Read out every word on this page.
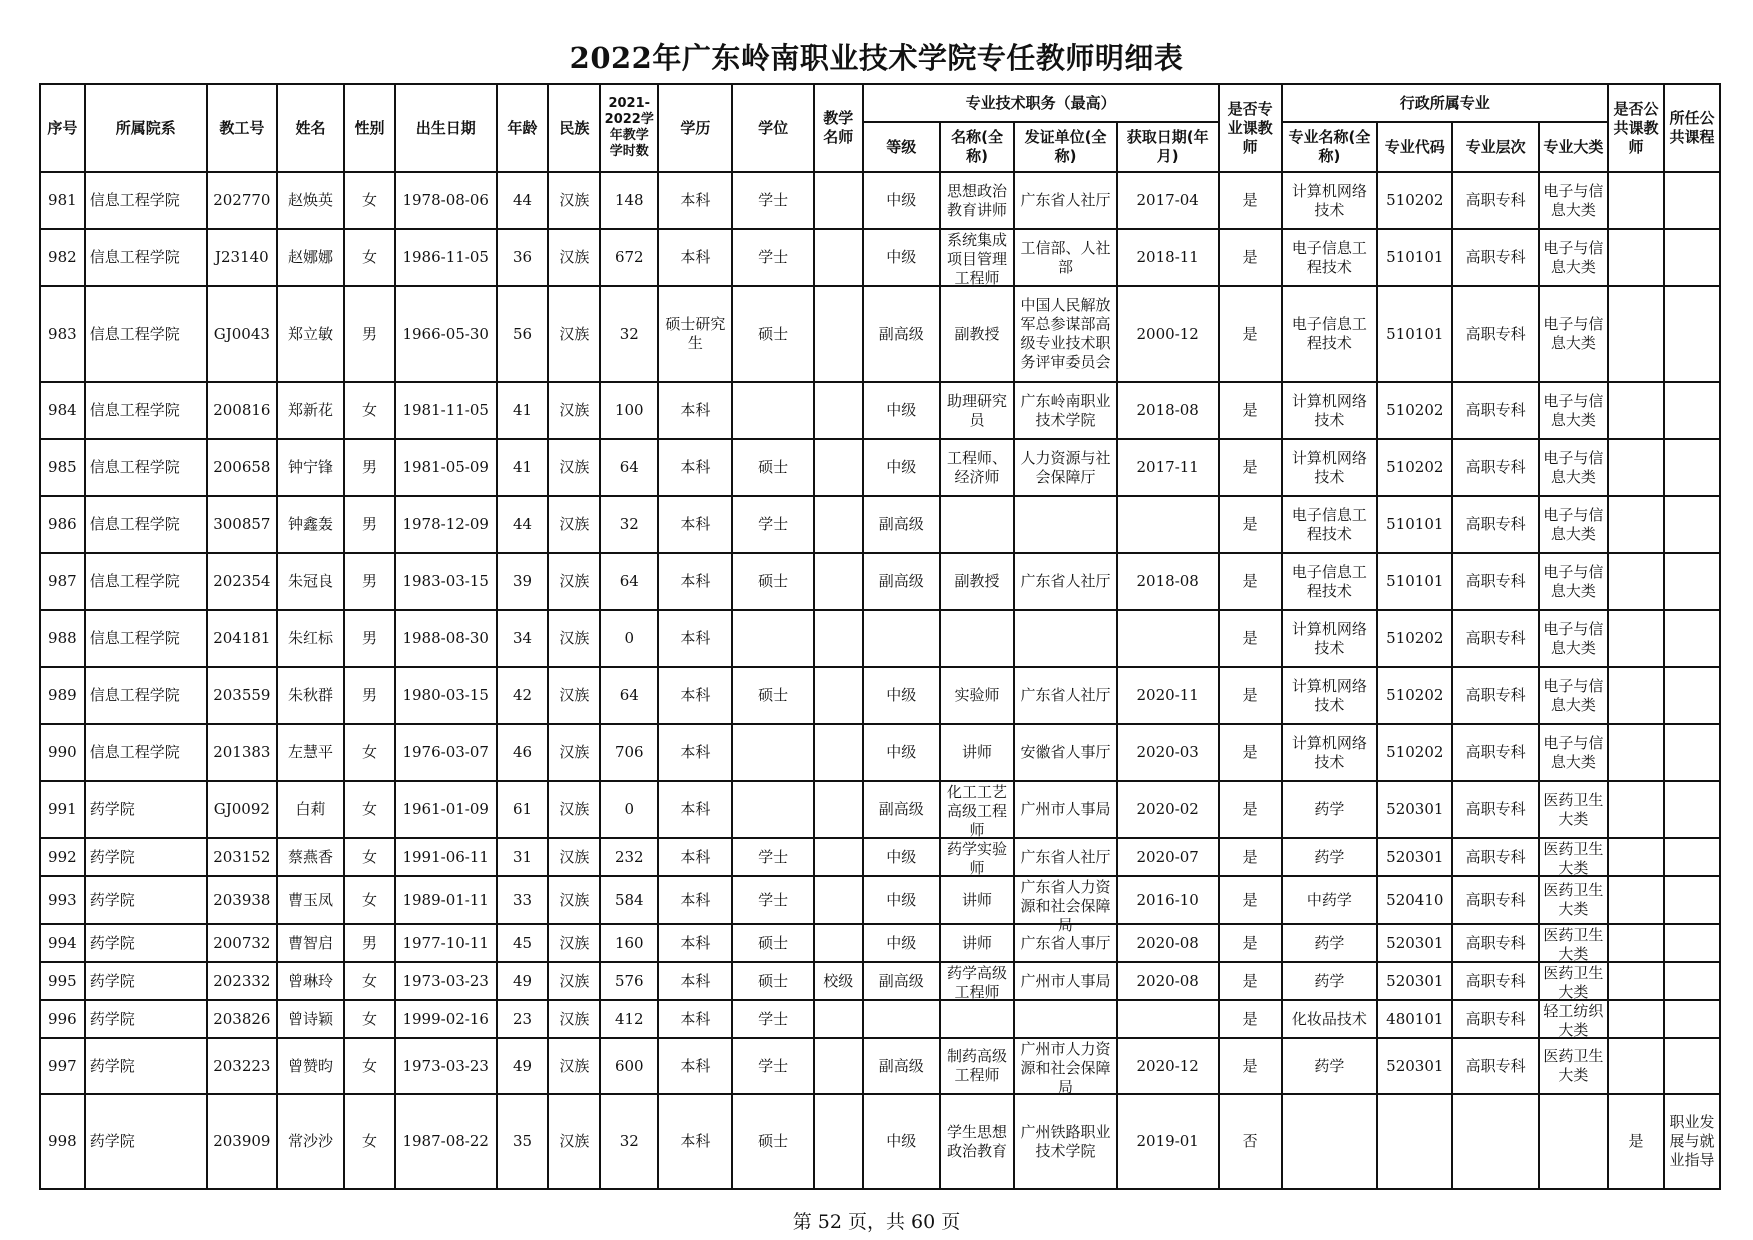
2022年广东岭南职业技术学院专任教师明细表
序号	所属院系	教工号	姓名	性别	出生日期	年龄	民族	2021-2022学年教学学时数	学历	学位	教学名师	专业技术职务（最高）				是否专业课教师	行政所属专业				是否公共课教师	所任公共课程
												等级	名称(全称)	发证单位(全称)	获取日期(年月)		专业名称(全称)	专业代码	专业层次	专业大类		

981	信息工程学院	202770	赵焕英	女	1978-08-06	44	汉族	148	本科	学士		中级	思想政治教育讲师	广东省人社厅	2017-04	是	计算机网络技术	510202	高职专科	电子与信息大类		

982	信息工程学院	J23140	赵娜娜	女	1986-11-05	36	汉族	672	本科	学士		中级	系统集成项目管理工程师	工信部、人社部	2018-11	是	电子信息工程技术	510101	高职专科	电子与信息大类		

983	信息工程学院	GJ0043	郑立敏	男	1966-05-30	56	汉族	32	硕士研究生	硕士		副高级	副教授	中国人民解放军总参谋部高级专业技术职务评审委员会	2000-12	是	电子信息工程技术	510101	高职专科	电子与信息大类		

984	信息工程学院	200816	郑新花	女	1981-11-05	41	汉族	100	本科			中级	助理研究员	广东岭南职业技术学院	2018-08	是	计算机网络技术	510202	高职专科	电子与信息大类		

985	信息工程学院	200658	钟宁锋	男	1981-05-09	41	汉族	64	本科	硕士		中级	工程师、经济师	人力资源与社会保障厅	2017-11	是	计算机网络技术	510202	高职专科	电子与信息大类		

986	信息工程学院	300857	钟鑫轰	男	1978-12-09	44	汉族	32	本科	学士		副高级				是	电子信息工程技术	510101	高职专科	电子与信息大类		

987	信息工程学院	202354	朱冠良	男	1983-03-15	39	汉族	64	本科	硕士		副高级	副教授	广东省人社厅	2018-08	是	电子信息工程技术	510101	高职专科	电子与信息大类		

988	信息工程学院	204181	朱红标	男	1988-08-30	34	汉族	0	本科							是	计算机网络技术	510202	高职专科	电子与信息大类		

989	信息工程学院	203559	朱秋群	男	1980-03-15	42	汉族	64	本科	硕士		中级	实验师	广东省人社厅	2020-11	是	计算机网络技术	510202	高职专科	电子与信息大类		

990	信息工程学院	201383	左慧平	女	1976-03-07	46	汉族	706	本科			中级	讲师	安徽省人事厅	2020-03	是	计算机网络技术	510202	高职专科	电子与信息大类		

991	药学院	GJ0092	白莉	女	1961-01-09	61	汉族	0	本科			副高级	化工工艺高级工程师	广州市人事局	2020-02	是	药学	520301	高职专科	医药卫生大类		

992	药学院	203152	蔡燕香	女	1991-06-11	31	汉族	232	本科	学士		中级	药学实验师	广东省人社厅	2020-07	是	药学	520301	高职专科	医药卫生大类		

993	药学院	203938	曹玉凤	女	1989-01-11	33	汉族	584	本科	学士		中级	讲师	广东省人力资源和社会保障局	2016-10	是	中药学	520410	高职专科	医药卫生大类		

994	药学院	200732	曹智启	男	1977-10-11	45	汉族	160	本科	硕士		中级	讲师	广东省人事厅	2020-08	是	药学	520301	高职专科	医药卫生大类		

995	药学院	202332	曾琳玲	女	1973-03-23	49	汉族	576	本科	硕士	校级	副高级	药学高级工程师	广州市人事局	2020-08	是	药学	520301	高职专科	医药卫生大类		

996	药学院	203826	曾诗颖	女	1999-02-16	23	汉族	412	本科	学士						是	化妆品技术	480101	高职专科	轻工纺织大类		

997	药学院	203223	曾赞昀	女	1973-03-23	49	汉族	600	本科	学士		副高级	制药高级工程师	广州市人力资源和社会保障局	2020-12	是	药学	520301	高职专科	医药卫生大类		

998	药学院	203909	常沙沙	女	1987-08-22	35	汉族	32	本科	硕士		中级	学生思想政治教育	广州铁路职业技术学院	2019-01	否					是	职业发展与就业指导
第 52 页，共 60 页
